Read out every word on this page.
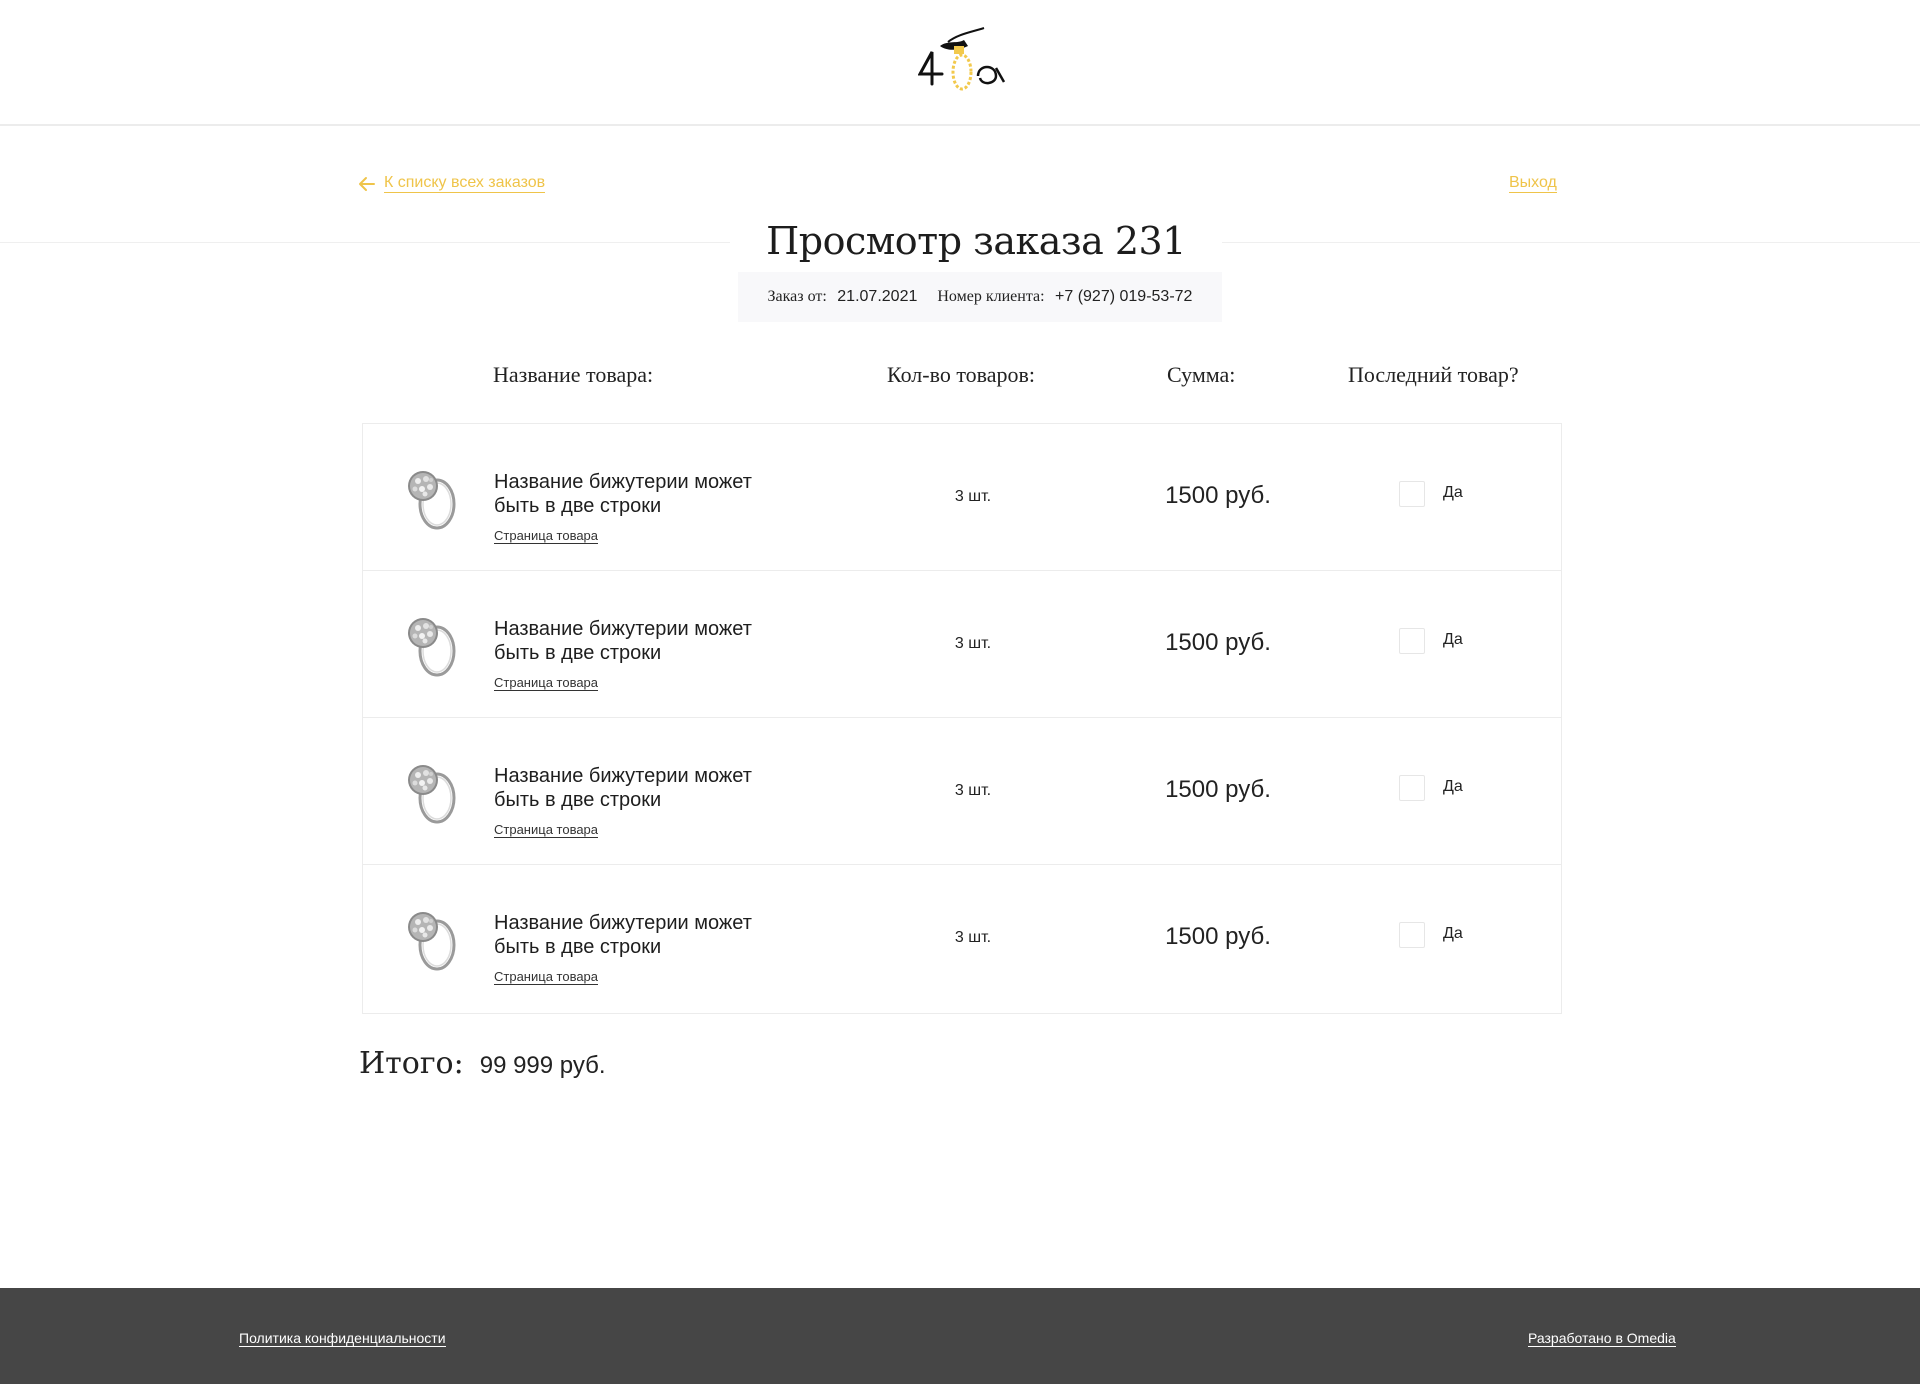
К списку всех заказов	Выход
Просмотр заказа 231
Заказ от: 21.07.2021 Номер клиента: +7 (927) 019-53-72
Название товара:	Кол-во товаров:	Сумма:	Последний товар?
Название бижутерии может быть в две строки
Страница товара
3 шт.	1500 руб.	Да
Название бижутерии может быть в две строки
Страница товара
3 шт.	1500 руб.	Да
Название бижутерии может быть в две строки
Страница товара
3 шт.	1500 руб.	Да
Название бижутерии может быть в две строки
Страница товара
3 шт.	1500 руб.	Да
Итого: 99 999 руб.
Политика конфиденциальности	Разработано в Omedia
